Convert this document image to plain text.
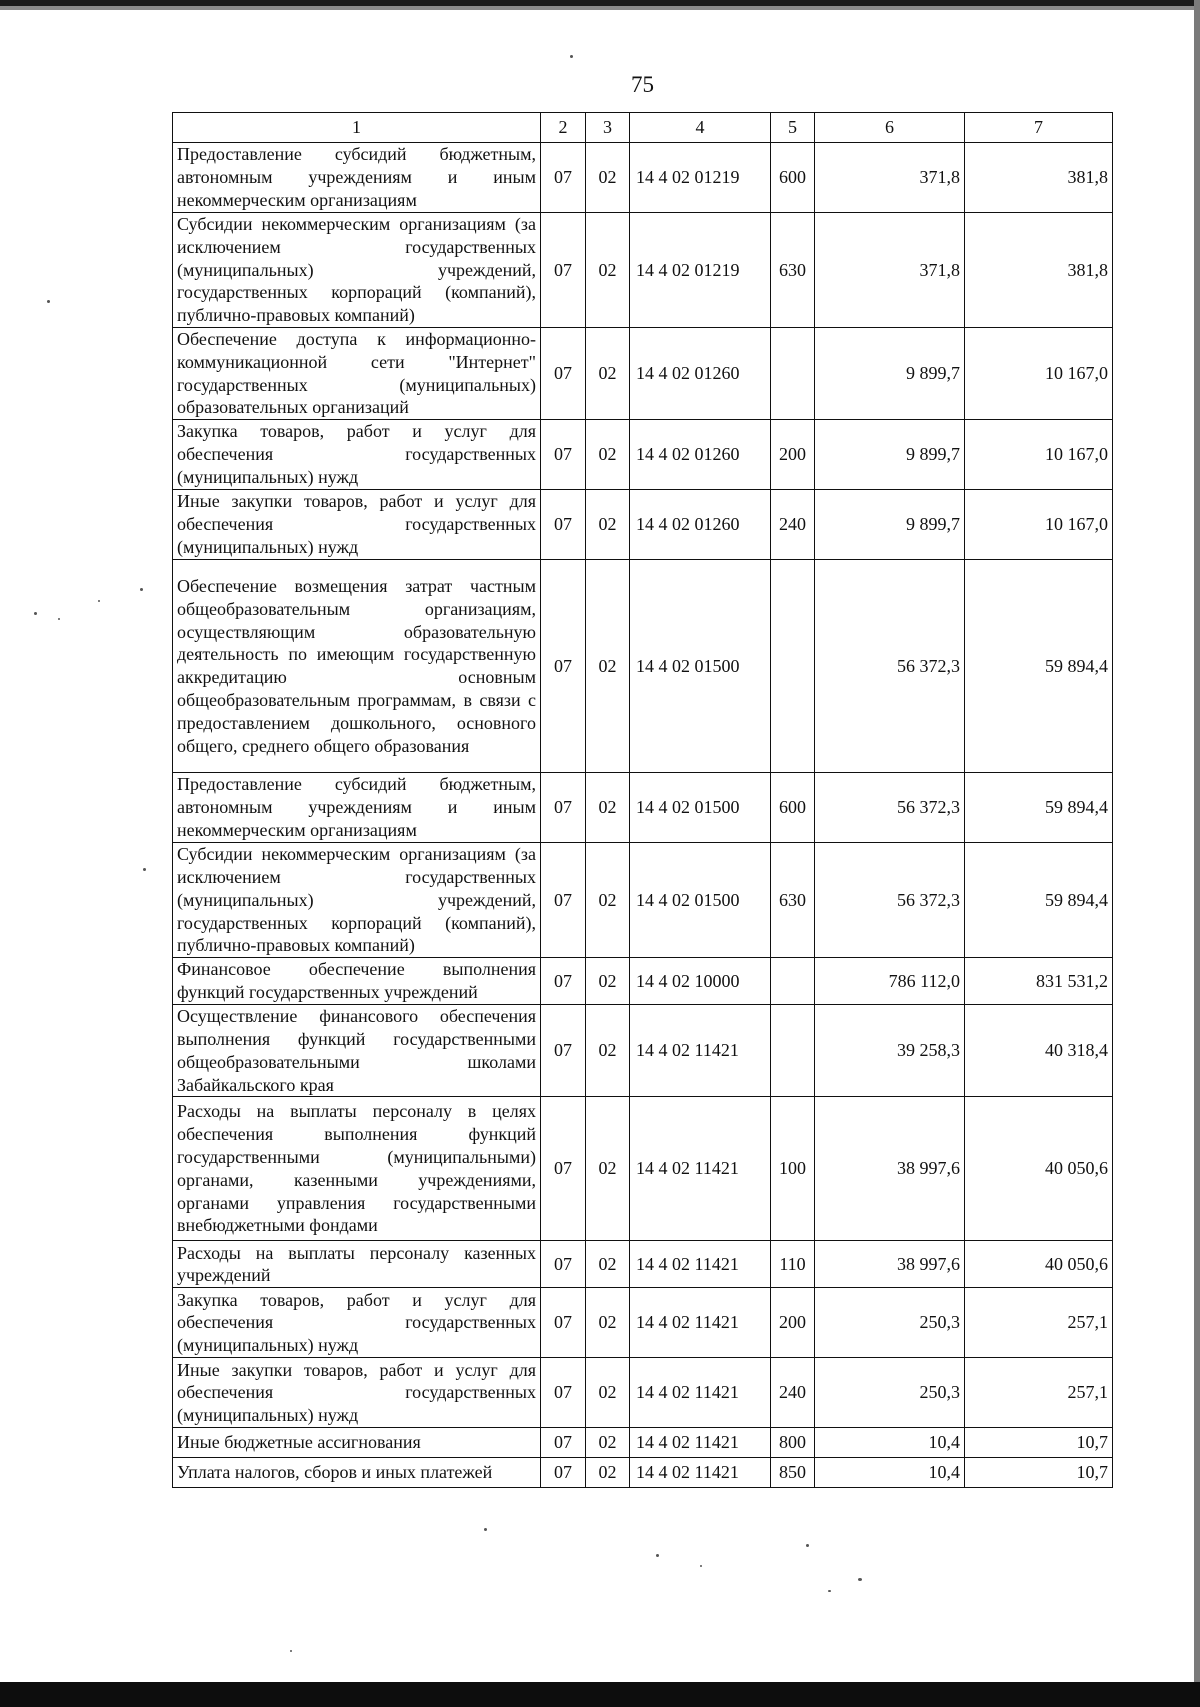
75
1	2	3	4	5	6	7
Предоставление субсидий бюджетным, автономным учреждениям и иным некоммерческим организациям	07	02	14 4 02 01219	600	371,8	381,8
Субсидии некоммерческим организациям (за исключением государственных (муниципальных) учреждений, государственных корпораций (компаний), публично-правовых компаний)	07	02	14 4 02 01219	630	371,8	381,8
Обеспечение доступа к информационно-коммуникационной сети "Интернет" государственных (муниципальных) образовательных организаций	07	02	14 4 02 01260		9 899,7	10 167,0
Закупка товаров, работ и услуг для обеспечения государственных (муниципальных) нужд	07	02	14 4 02 01260	200	9 899,7	10 167,0
Иные закупки товаров, работ и услуг для обеспечения государственных (муниципальных) нужд	07	02	14 4 02 01260	240	9 899,7	10 167,0
Обеспечение возмещения затрат частным общеобразовательным организациям, осуществляющим образовательную деятельность по имеющим государственную аккредитацию основным общеобразовательным программам, в связи с предоставлением дошкольного, основного общего, среднего общего образования	07	02	14 4 02 01500		56 372,3	59 894,4
Предоставление субсидий бюджетным, автономным учреждениям и иным некоммерческим организациям	07	02	14 4 02 01500	600	56 372,3	59 894,4
Субсидии некоммерческим организациям (за исключением государственных (муниципальных) учреждений, государственных корпораций (компаний), публично-правовых компаний)	07	02	14 4 02 01500	630	56 372,3	59 894,4
Финансовое обеспечение выполнения функций государственных учреждений	07	02	14 4 02 10000		786 112,0	831 531,2
Осуществление финансового обеспечения выполнения функций государственными общеобразовательными школами Забайкальского края	07	02	14 4 02 11421		39 258,3	40 318,4
Расходы на выплаты персоналу в целях обеспечения выполнения функций государственными (муниципальными) органами, казенными учреждениями, органами управления государственными внебюджетными фондами	07	02	14 4 02 11421	100	38 997,6	40 050,6
Расходы на выплаты персоналу казенных учреждений	07	02	14 4 02 11421	110	38 997,6	40 050,6
Закупка товаров, работ и услуг для обеспечения государственных (муниципальных) нужд	07	02	14 4 02 11421	200	250,3	257,1
Иные закупки товаров, работ и услуг для обеспечения государственных (муниципальных) нужд	07	02	14 4 02 11421	240	250,3	257,1
Иные бюджетные ассигнования	07	02	14 4 02 11421	800	10,4	10,7
Уплата налогов, сборов и иных платежей	07	02	14 4 02 11421	850	10,4	10,7
